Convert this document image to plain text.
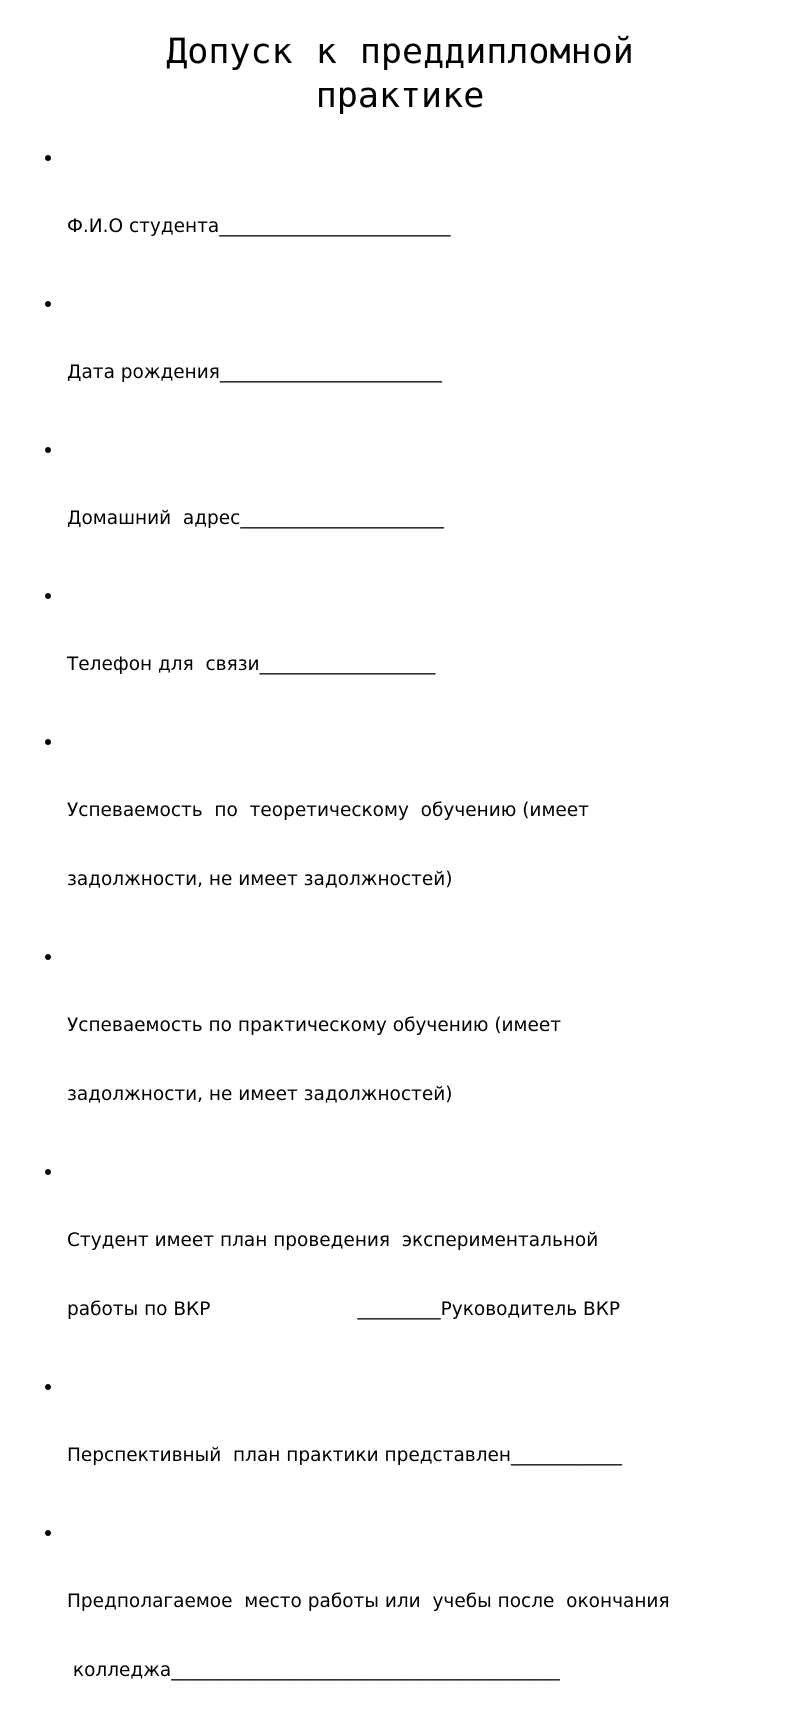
Допуск к преддипломной
практике

Ф.И.О студента_________________________

Дата рождения________________________

Домашний  адрес______________________

Телефон для  связи___________________

Успеваемость  по  теоретическому  обучению (имеет

задолжности, не имеет задолжностей)

Успеваемость по практическому обучению (имеет

задолжности, не имеет задолжностей)

Студент имеет план проведения  экспериментальной

работы по ВКР                         _________Руководитель ВКР

Перспективный  план практики представлен____________

Предполагаемое  место работы или  учебы после  окончания

колледжа__________________________________________
